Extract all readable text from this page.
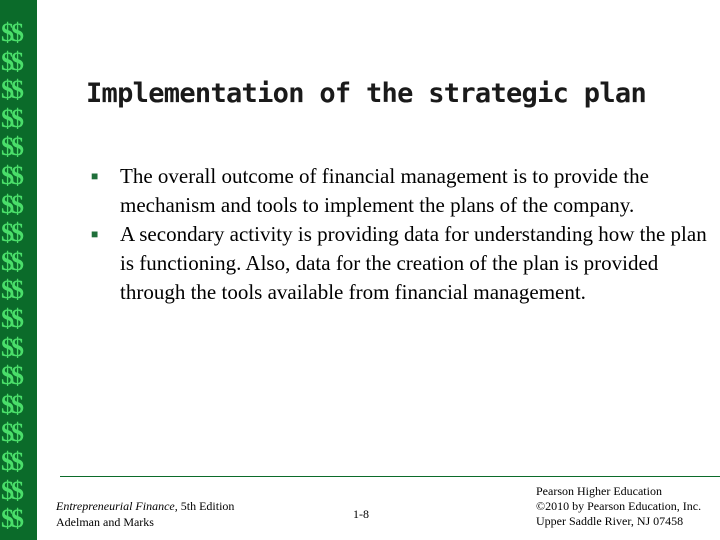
$$
$$
$$
$$
$$
$$
$$
$$
$$
$$
$$
$$
$$
$$
$$
$$
$$
$$
Implementation of the strategic plan
■	The overall outcome of financial management is to provide the mechanism and tools to implement the plans of the company.
■	A secondary activity is providing data for understanding how the plan is functioning. Also, data for the creation of the plan is provided through the tools available from financial management.
Entrepreneurial Finance, 5th Edition
Adelman and Marks
1-8
Pearson Higher Education
©2010 by Pearson Education, Inc.
Upper Saddle River, NJ 07458
